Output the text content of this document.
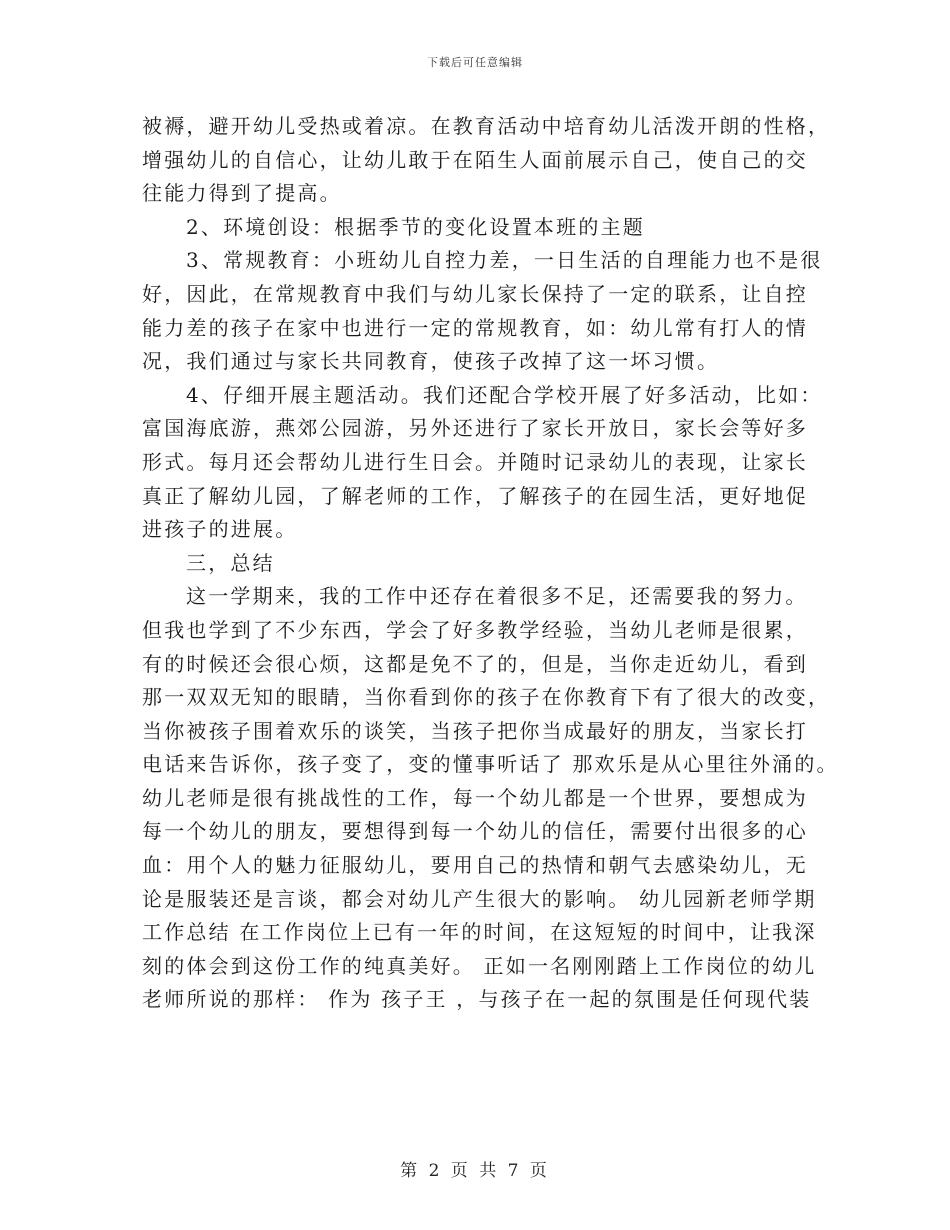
下载后可任意编辑
被褥，避开幼儿受热或着凉。在教育活动中培育幼儿活泼开朗的性格，
增强幼儿的自信心，让幼儿敢于在陌生人面前展示自己，使自己的交
往能力得到了提高。
2、环境创设：根据季节的变化设置本班的主题
3、常规教育：小班幼儿自控力差，一日生活的自理能力也不是很
好，因此，在常规教育中我们与幼儿家长保持了一定的联系，让自控
能力差的孩子在家中也进行一定的常规教育，如：幼儿常有打人的情
况，我们通过与家长共同教育，使孩子改掉了这一坏习惯。
4、仔细开展主题活动。我们还配合学校开展了好多活动，比如：
富国海底游，燕郊公园游，另外还进行了家长开放日，家长会等好多
形式。每月还会帮幼儿进行生日会。并随时记录幼儿的表现，让家长
真正了解幼儿园，了解老师的工作，了解孩子的在园生活，更好地促
进孩子的进展。
三，总结
这一学期来，我的工作中还存在着很多不足，还需要我的努力。
但我也学到了不少东西，学会了好多教学经验，当幼儿老师是很累，
有的时候还会很心烦，这都是免不了的，但是，当你走近幼儿，看到
那一双双无知的眼睛，当你看到你的孩子在你教育下有了很大的改变，
当你被孩子围着欢乐的谈笑，当孩子把你当成最好的朋友，当家长打
电话来告诉你，孩子变了，变的懂事听话了 那欢乐是从心里往外涌的。
幼儿老师是很有挑战性的工作，每一个幼儿都是一个世界，要想成为
每一个幼儿的朋友，要想得到每一个幼儿的信任，需要付出很多的心
血：用个人的魅力征服幼儿，要用自己的热情和朝气去感染幼儿，无
论是服装还是言谈，都会对幼儿产生很大的影响。 幼儿园新老师学期
工作总结 在工作岗位上已有一年的时间，在这短短的时间中，让我深
刻的体会到这份工作的纯真美好。 正如一名刚刚踏上工作岗位的幼儿
老师所说的那样： 作为 孩子王 ，与孩子在一起的氛围是任何现代装
第 2 页 共 7 页
